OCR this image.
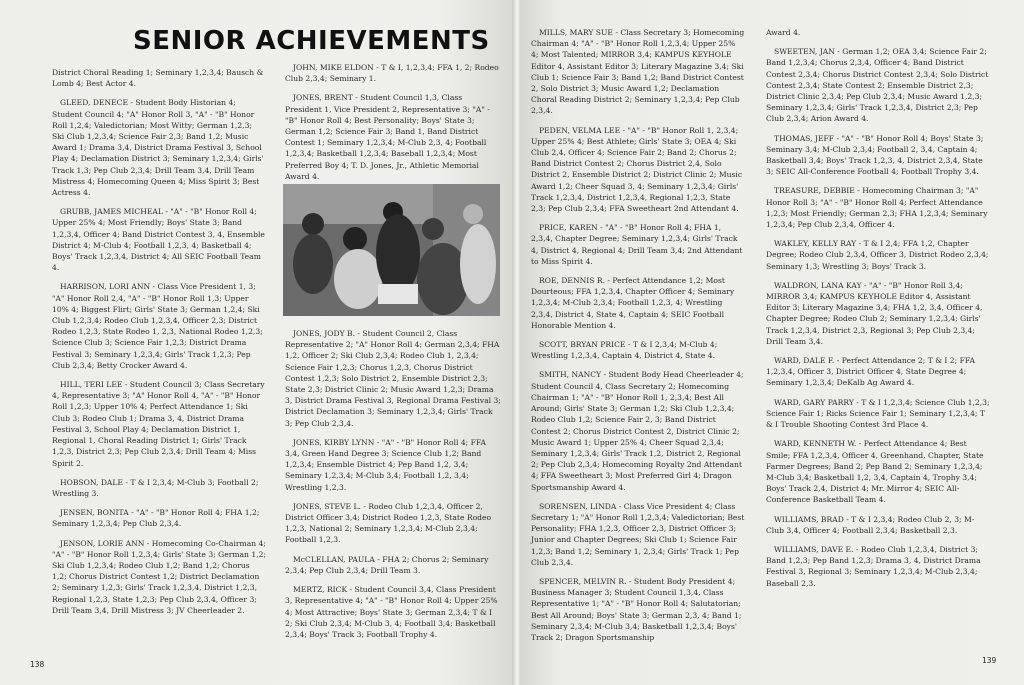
SENIOR ACHIEVEMENTS

District Choral Reading 1; Seminary 1,2,3,4; Bausch & Lomb 4; Best Actor 4.

GLEED, DENECE - Student Body Historian 4; Student Council 4; "A" Honor Roll 3, "A" - "B" Honor Roll 1,2,4; Valedictorian; Most Witty; German 1,2,3; Ski Club 1,2,3,4; Science Fair 2,3; Band 1,2; Music Award 1; Drama 3,4, District Drama Festival 3, School Play 4; Declamation District 3; Seminary 1,2,3,4; Girls' Track 1,3; Pep Club 2,3,4; Drill Team 3,4, Drill Team Mistress 4; Homecoming Queen 4; Miss Spirit 3; Best Actress 4.

GRUBB, JAMES MICHEAL - "A" - "B" Honor Roll 4; Upper 25% 4; Most Friendly; Boys' State 3; Band 1,2,3,4, Officer 4; Band District Contest 3, 4, Ensemble District 4; M-Club 4; Football 1,2,3, 4; Basketball 4; Boys' Track 1,2,3,4, District 4; All SEIC Football Team 4.

HARRISON, LORI ANN - Class Vice President 1, 3; "A" Honor Roll 2,4, "A" - "B" Honor Roll 1,3; Upper 10% 4; Biggest Flirt; Girls' State 3; German 1,2,4; Ski Club 1,2,3,4; Rodeo Club 1,2,3,4, Officer 2,3; District Rodeo 1,2,3, State Rodeo 1, 2,3, National Rodeo 1,2,3; Science Club 3; Science Fair 1,2,3; District Drama Festival 3; Seminary 1,2,3,4; Girls' Track 1,2,3; Pep Club 2,3,4; Betty Crocker Award 4.

HILL, TERI LEE - Student Council 3; Class Secretary 4, Representative 3; "A" Honor Roll 4, "A" - "B" Honor Roll 1,2,3; Upper 10% 4; Perfect Attendance 1; Ski Club 3; Rodeo Club 1; Drama 3, 4, District Drama Festival 3, School Play 4; Declamation District 1, Regional 1, Choral Reading District 1; Girls' Track 1,2,3, District 2,3; Pep Club 2,3,4; Drill Team 4; Miss Spirit 2.

HOBSON, DALE - T & I 2,3,4; M-Club 3; Football 2; Wrestling 3.

JENSEN, BONITA - "A" - "B" Honor Roll 4; FHA 1,2; Seminary 1,2,3,4; Pep Club 2,3,4.

JENSON, LORIE ANN - Homecoming Co-Chairman 4; "A" - "B" Honor Roll 1,2,3,4; Girls' State 3; German 1,2; Ski Club 1,2,3,4; Rodeo Club 1,2; Band 1,2; Chorus 1,2; Chorus District Contest 1,2; District Declamation 2; Seminary 1,2,3; Girls' Track 1,2,3,4, District 1,2,3, Regional 1,2,3, State 1,2,3; Pep Club 2,3,4, Officer 3; Drill Team 3,4, Drill Mistress 3; JV Cheerleader 2.

JOHN, MIKE ELDON - T & I, 1,2,3,4; FFA 1, 2; Rodeo Club 2,3,4; Seminary 1.

JONES, BRENT - Student Council 1,3, Class President 1, Vice President 2, Representative 3; "A" - "B" Honor Roll 4; Best Personality; Boys' State 3; German 1,2; Science Fair 3; Band 1, Band District Contest 1; Seminary 1,2,3,4; M-Club 2,3, 4; Football 1,2,3,4; Basketball 1,2,3,4; Baseball 1,2,3,4; Most Preferred Boy 4; T. D. Jones, Jr., Athletic Memorial Award 4.

JONES, JODY B. - Student Council 2, Class Representative 2; "A" Honor Roll 4; German 2,3,4; FHA 1,2, Officer 2; Ski Club 2,3,4; Rodeo Club 1, 2,3,4; Science Fair 1,2,3; Chorus 1,2,3, Chorus District Contest 1,2,3; Solo District 2, Ensemble District 2,3; State 2,3; District Clinic 2; Music Award 1,2,3; Drama 3, District Drama Festival 3, Regional Drama Festival 3; District Declamation 3; Seminary 1,2,3,4; Girls' Track 3; Pep Club 2,3,4.

JONES, KIRBY LYNN - "A" - "B" Honor Roll 4; FFA 3,4, Green Hand Degree 3; Science Club 1,2; Band 1,2,3,4; Ensemble District 4; Pep Band 1,2, 3,4; Seminary 1,2,3,4; M-Club 3,4; Football 1,2, 3,4; Wrestling 1,2,3.

JONES, STEVE L. - Rodeo Club 1,2,3,4, Officer 2, District Officer 3,4; District Rodeo 1,2,3, State Rodeo 1,2,3, National 2; Seminary 1,2,3,4; M-Club 2,3,4; Football 1,2,3.

McCLELLAN, PAULA - FHA 2; Chorus 2; Seminary 2,3,4; Pep Club 2,3,4; Drill Team 3.

MERTZ, RICK - Student Council 3,4, Class President 3, Representative 4; "A" - "B" Honor Roll 4; Upper 25% 4; Most Attractive; Boys' State 3; German 2,3,4; T & I 2; Ski Club 2,3,4; M-Club 3, 4; Football 3,4; Basketball 2,3,4; Boys' Track 3; Football Trophy 4.

138

MILLS, MARY SUE - Class Secretary 3; Homecoming Chairman 4; "A" - "B" Honor Roll 1,2,3,4; Upper 25% 4; Most Talented; MIRROR 3,4; KAMPUS KEYHOLE Editor 4, Assistant Editor 3; Literary Magazine 3,4; Ski Club 1; Science Fair 3; Band 1,2; Band District Contest 2, Solo District 3; Music Award 1,2; Declamation Choral Reading District 2; Seminary 1,2,3,4; Pep Club 2,3,4.

PEDEN, VELMA LEE - "A" - "B" Honor Roll 1, 2,3,4; Upper 25% 4; Best Athlete; Girls' State 3; OEA 4; Ski Club 2,4, Officer 4; Science Fair 2; Band 2; Chorus 2; Band District Contest 2; Chorus District 2,4, Solo District 2, Ensemble District 2; District Clinic 2; Music Award 1,2; Cheer Squad 3, 4; Seminary 1,2,3,4; Girls' Track 1,2,3,4, District 1,2,3,4, Regional 1,2,3, State 2,3; Pep Club 2,3,4; FFA Sweetheart 2nd Attendant 4.

PRICE, KAREN - "A" - "B" Honor Roll 4; FHA 1, 2,3,4, Chapter Degree; Seminary 1,2,3,4; Girls' Track 4, District 4, Regional 4; Drill Team 3,4; 2nd Attendant to Miss Spirit 4.

ROE, DENNIS R. - Perfect Attendance 1,2; Most Dourteous; FFA 1,2,3,4, Chapter Officer 4; Seminary 1,2,3,4; M-Club 2,3,4; Football 1,2,3, 4; Wrestling 2,3,4, District 4, State 4, Captain 4; SEIC Football Honorable Mention 4.

SCOTT, BRYAN PRICE - T & I 2,3,4; M-Club 4; Wrestling 1,2,3,4, Captain 4, District 4, State 4.

SMITH, NANCY - Student Body Head Cheerleader 4; Student Council 4, Class Secretary 2; Homecoming Chairman 1; "A" - "B" Honor Roll 1, 2,3,4; Best All Around; Girls' State 3; German 1,2; Ski Club 1,2,3,4; Rodeo Club 1,2; Science Fair 2, 3; Band District Contest 2; Chorus District Contest 2, District Clinic 2; Music Award 1; Upper 25% 4; Cheer Squad 2,3,4; Seminary 1,2,3,4; Girls' Track 1,2, District 2, Regional 2; Pep Club 2,3,4; Homecoming Royalty 2nd Attendant 4; FFA Sweetheart 3; Most Preferred Girl 4; Dragon Sportsmanship Award 4.

SORENSEN, LINDA - Class Vice President 4; Class Secretary 1; "A" Honor Roll 1,2,3,4; Valedictorian; Best Personality; FHA 1,2,3, Officer 2,3, District Officer 3; Junior and Chapter Degrees; Ski Club 1; Science Fair 1,2,3; Band 1,2; Seminary 1, 2,3,4; Girls' Track 1; Pep Club 2,3,4.

SPENCER, MELVIN R. - Student Body President 4; Business Manager 3; Student Council 1,3,4, Class Representative 1; "A" - "B" Honor Roll 4; Salutatorian; Best All Around; Boys' State 3; German 2,3, 4; Band 1; Seminary 2,3,4; M-Club 3,4; Basketball 1,2,3,4; Boys' Track 2; Dragon Sportsmanship

Award 4.

SWEETEN, JAN - German 1,2; OEA 3,4; Science Fair 2; Band 1,2,3,4; Chorus 2,3,4, Officer 4; Band District Contest 2,3,4; Chorus District Contest 2,3,4; Solo District Contest 2,3,4; State Contest 2; Ensemble District 2,3; District Clinic 2,3,4; Pep Club 2,3,4; Music Award 1,2,3; Seminary 1,2,3,4; Girls' Track 1,2,3,4, District 2,3; Pep Club 2,3,4; Arion Award 4.

THOMAS, JEFF - "A" - "B" Honor Roll 4; Boys' State 3; Seminary 3,4; M-Club 2,3,4; Football 2, 3,4, Captain 4; Basketball 3,4; Boys' Track 1,2,3, 4, District 2,3,4, State 3; SEIC All-Conference Football 4; Football Trophy 3,4.

TREASURE, DEBBIE - Homecoming Chairman 3; "A" Honor Roll 3; "A" - "B" Honor Roll 4; Perfect Attendance 1,2,3; Most Friendly; German 2,3; FHA 1,2,3,4; Seminary 1,2,3,4; Pep Club 2,3,4, Officer 4.

WAKLEY, KELLY RAY - T & I 2,4; FFA 1,2, Chapter Degree; Rodeo Club 2,3,4, Officer 3, District Rodeo 2,3,4; Seminary 1,3; Wrestling 3; Boys' Track 3.

WALDRON, LANA KAY - "A" - "B" Honor Roll 3,4; MIRROR 3,4; KAMPUS KEYHOLE Editor 4, Assistant Editor 3; Literary Magazine 3,4; FHA 1,2, 3,4, Officer 4, Chapter Degree; Rodeo Club 2; Seminary 1,2,3,4; Girls' Track 1,2,3,4, District 2,3, Regional 3; Pep Club 2,3,4; Drill Team 3,4.

WARD, DALE F. - Perfect Attendance 2; T & I 2; FFA 1,2,3,4, Officer 3, District Officer 4, State Degree 4; Seminary 1,2,3,4; DeKalb Ag Award 4.

WARD, GARY PARRY - T & I 1,2,3,4; Science Club 1,2,3; Science Fair 1; Ricks Science Fair 1; Seminary 1,2,3,4; T & I Trouble Shooting Contest 3rd Place 4.

WARD, KENNETH W. - Perfect Attendance 4; Best Smile; FFA 1,2,3,4, Officer 4, Greenhand, Chapter, State Farmer Degrees; Band 2; Pep Band 2; Seminary 1,2,3,4; M-Club 3,4; Basketball 1,2, 3,4, Captain 4, Trophy 3,4; Boys' Track 2,4, District 4; Mr. Mirror 4; SEIC All-Conference Basketball Team 4.

WILLIAMS, BRAD - T & I 2,3,4; Rodeo Club 2, 3; M-Club 3,4, Officer 4; Football 2,3,4; Basketball 2,3.

WILLIAMS, DAVE E. - Rodeo Club 1,2,3,4, District 3; Band 1,2,3; Pep Band 1,2,3; Drama 3, 4, District Drama Festival 3, Regional 3; Seminary 1,2,3,4; M-Club 2,3,4; Baseball 2,3.

139
